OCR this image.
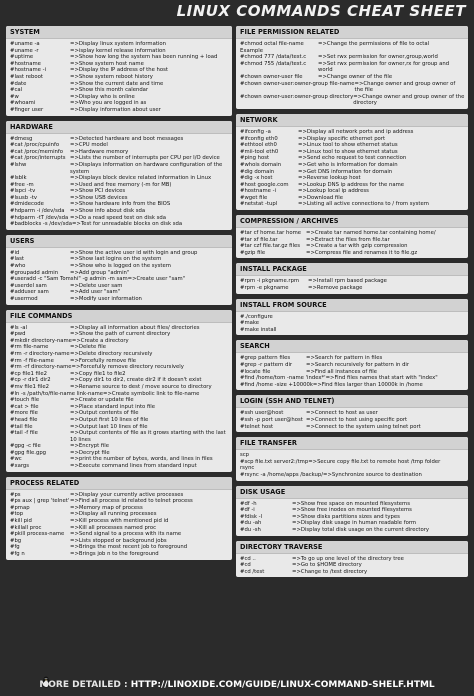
LINUX COMMANDS CHEAT SHEET
SYSTEM
#uname -a	=>Display linux system information
#uname -r	=>isplay kernel release information
#uptime	=>Show how long the system has been running + load
#hostname	=>Show system host name
#hostname -i	=>Display the IP address of the host
#last reboot	=>Show system reboot history
#date	=>Show the current date and time
#cal	=>Show this month calendar
#w	=>Display who is online
#whoami	=>Who you are logged in as
#finger user	=>Display information about user
HARDWARE
#dmesg	=>Detected hardware and boot messages
#cat /proc/cpuinfo	=>CPU model
#cat /proc/meminfo	=>Hardware memory
#cat /proc/interrupts =>Lists the number of interrupts per CPU per I/O device
#lshw	=>Displays information on hardware configuration of the system
#lsblk	=>Displays block device related information in Linux
#free -m	=>Used and free memory (-m for MB)
#lspci -tv	=>Show PCI devices
#lsusb -tv	=>Show USB devices
#dmidecode	=>Show hardware info from the BIOS
#hdparm -i /dev/sda	=>Show info about disk sda
#hdparm -tT /dev/sda =>Do a read speed test on disk sda
#badblocks -s /dev/sda =>Test for unreadable blocks on disk sda
USERS
#id	=>Show the active user id with login and group
#last	=>Show last logins on the system
#who	=>Show who is logged on the system
#groupadd admin	=>Add group "admin"
#useradd -c "Sam Tomshi" -g admin -m sam =>Create user "sam"
#userdel sam	=>Delete user sam
#adduser sam	=>Add user "sam"
#usermod	=>Modify user information
FILE COMMANDS
#ls -al	=>Display all information about files/ directories
#pwd	=>Show the path of current directory
#mkdir directory-name =>Create a directory
#rm file-name	=>Delete file
#rm -r directory-name =>Delete directory recursively
#rm -f file-name	=>Forcefully remove file
#rm -rf directory-name =>Forcefully remove directory recursively
#cp file1 file2	=>Copy file1 to file2
#cp -r dir1 dir2	=>Copy dir1 to dir2, create dir2 if it doesn't exist
#mv file1 file2	=>Rename source to dest / move source to directory
#ln -s /path/to/file-name link-name =>Create symbolic link to file-name
#touch file	=>Create or update file
#cat > file	=>Place standard input into file
#more file	=>Output contents of file
#head file	=>Output first 10 lines of file
#tail file	=>Output last 10 lines of file
#tail -f file	=>Output contents of file as it grows starting with the last 10 lines
#gpg -c file	=>Encrypt file
#gpg file.gpg	=>Decrypt file
#wc	=>print the number of bytes, words, and lines in files
#xargs	=>Execute command lines from standard input
PROCESS RELATED
#ps	=>Display your currently active processes
#ps aux | grep 'telnet' =>Find all process id related to telnet process
#pmap	=>Memory map of process
#top	=>Display all running processes
#kill pid	=>Kill process with mentioned pid id
#killall proc	=>Kill all processes named proc
#pkill process-name	=>Send signal to a process with its name
#bg	=>Lists stopped or background jobs
#fg	=>Brings the most recent job to foreground
#fg n	=>Brings job n to the foreground
FILE PERMISSION RELATED
#chmod octal file-name	=>Change the permissions of file to octal
Example
#chmod 777 /data/test.c	=>Set rwx permission for owner,group,world
#chmod 755 /data/test.c	=>Set rwx permission for owner,rx for group and world
#chown owner-user file	=>Change owner of the file
#chown owner-user:owner-group file-name =>Change owner and group owner of the file
#chown owner-user:owner-group directory =>Change owner and group owner of the directory
NETWORK
#ifconfig -a	=>Display all network ports and ip address
#ifconfig eth0	=>Display specific ethernet port
#ethtool eth0	=>Linux tool to show ethernet status
#mii-tool eth0	=>Linux tool to show ethernet status
#ping host	=>Send echo request to test connection
#whois domain	=>Get who is information for domain
#dig domain	=>Get DNS information for domain
#dig -x host	=>Reverse lookup host
#host google.com	=>Lookup DNS ip address for the name
#hostname -i	=>Lookup local ip address
#wget file	=>Download file
#netstat -tupl	=>Listing all active connections to / from system
COMPRESSION / ARCHIVES
#tar cf home.tar home =>Create tar named home.tar containing home/
#tar xf file.tar	=>Extract the files from file.tar
#tar czf file.tar.gz files	=>Create a tar with gzip compression
#gzip file	=>Compress file and renames it to file.gz
INSTALL PACKAGE
#rpm -i pkgname.rpm	=>Install rpm based package
#rpm -e pkgname	=>Remove package
INSTALL FROM SOURCE
#./configure
#make
#make install
SEARCH
#grep pattern files	=>Search for pattern in files
#grep -r pattern dir	=>Search recursively for pattern in dir
#locate file	=>Find all instances of file
#find /home/tom -name 'index*' =>Find files names that start with "index"
#find /home -size +10000k =>Find files larger than 10000k in /home
LOGIN (SSH AND TELNET)
#ssh user@host	=>Connect to host as user
#ssh -p port user@host =>Connect to host using specific port
#telnet host	=>Connect to the system using telnet port
FILE TRANSFER
scp
#scp file.txt server2:/tmp =>Secure copy file.txt to remote host /tmp folder
rsync
#rsync -a /home/apps /backup/ =>Synchronize source to destination
DISK USAGE
#df -h	=>Show free space on mounted filesystems
#df -i	=>Show free inodes on mounted filesystems
#fdisk -l	=>Show disks partitions sizes and types
#du -ah	=>Display disk usage in human readable form
#du -sh	=>Display total disk usage on the current directory
DIRECTORY TRAVERSE
#cd ..	=>To go up one level of the directory tree
#cd	=>Go to $HOME directory
#cd /test	=>Change to /test directory
MORE DETAILED : HTTP://LINOXIDE.COM/GUIDE/LINUX-COMMAND-SHELF.HTML
